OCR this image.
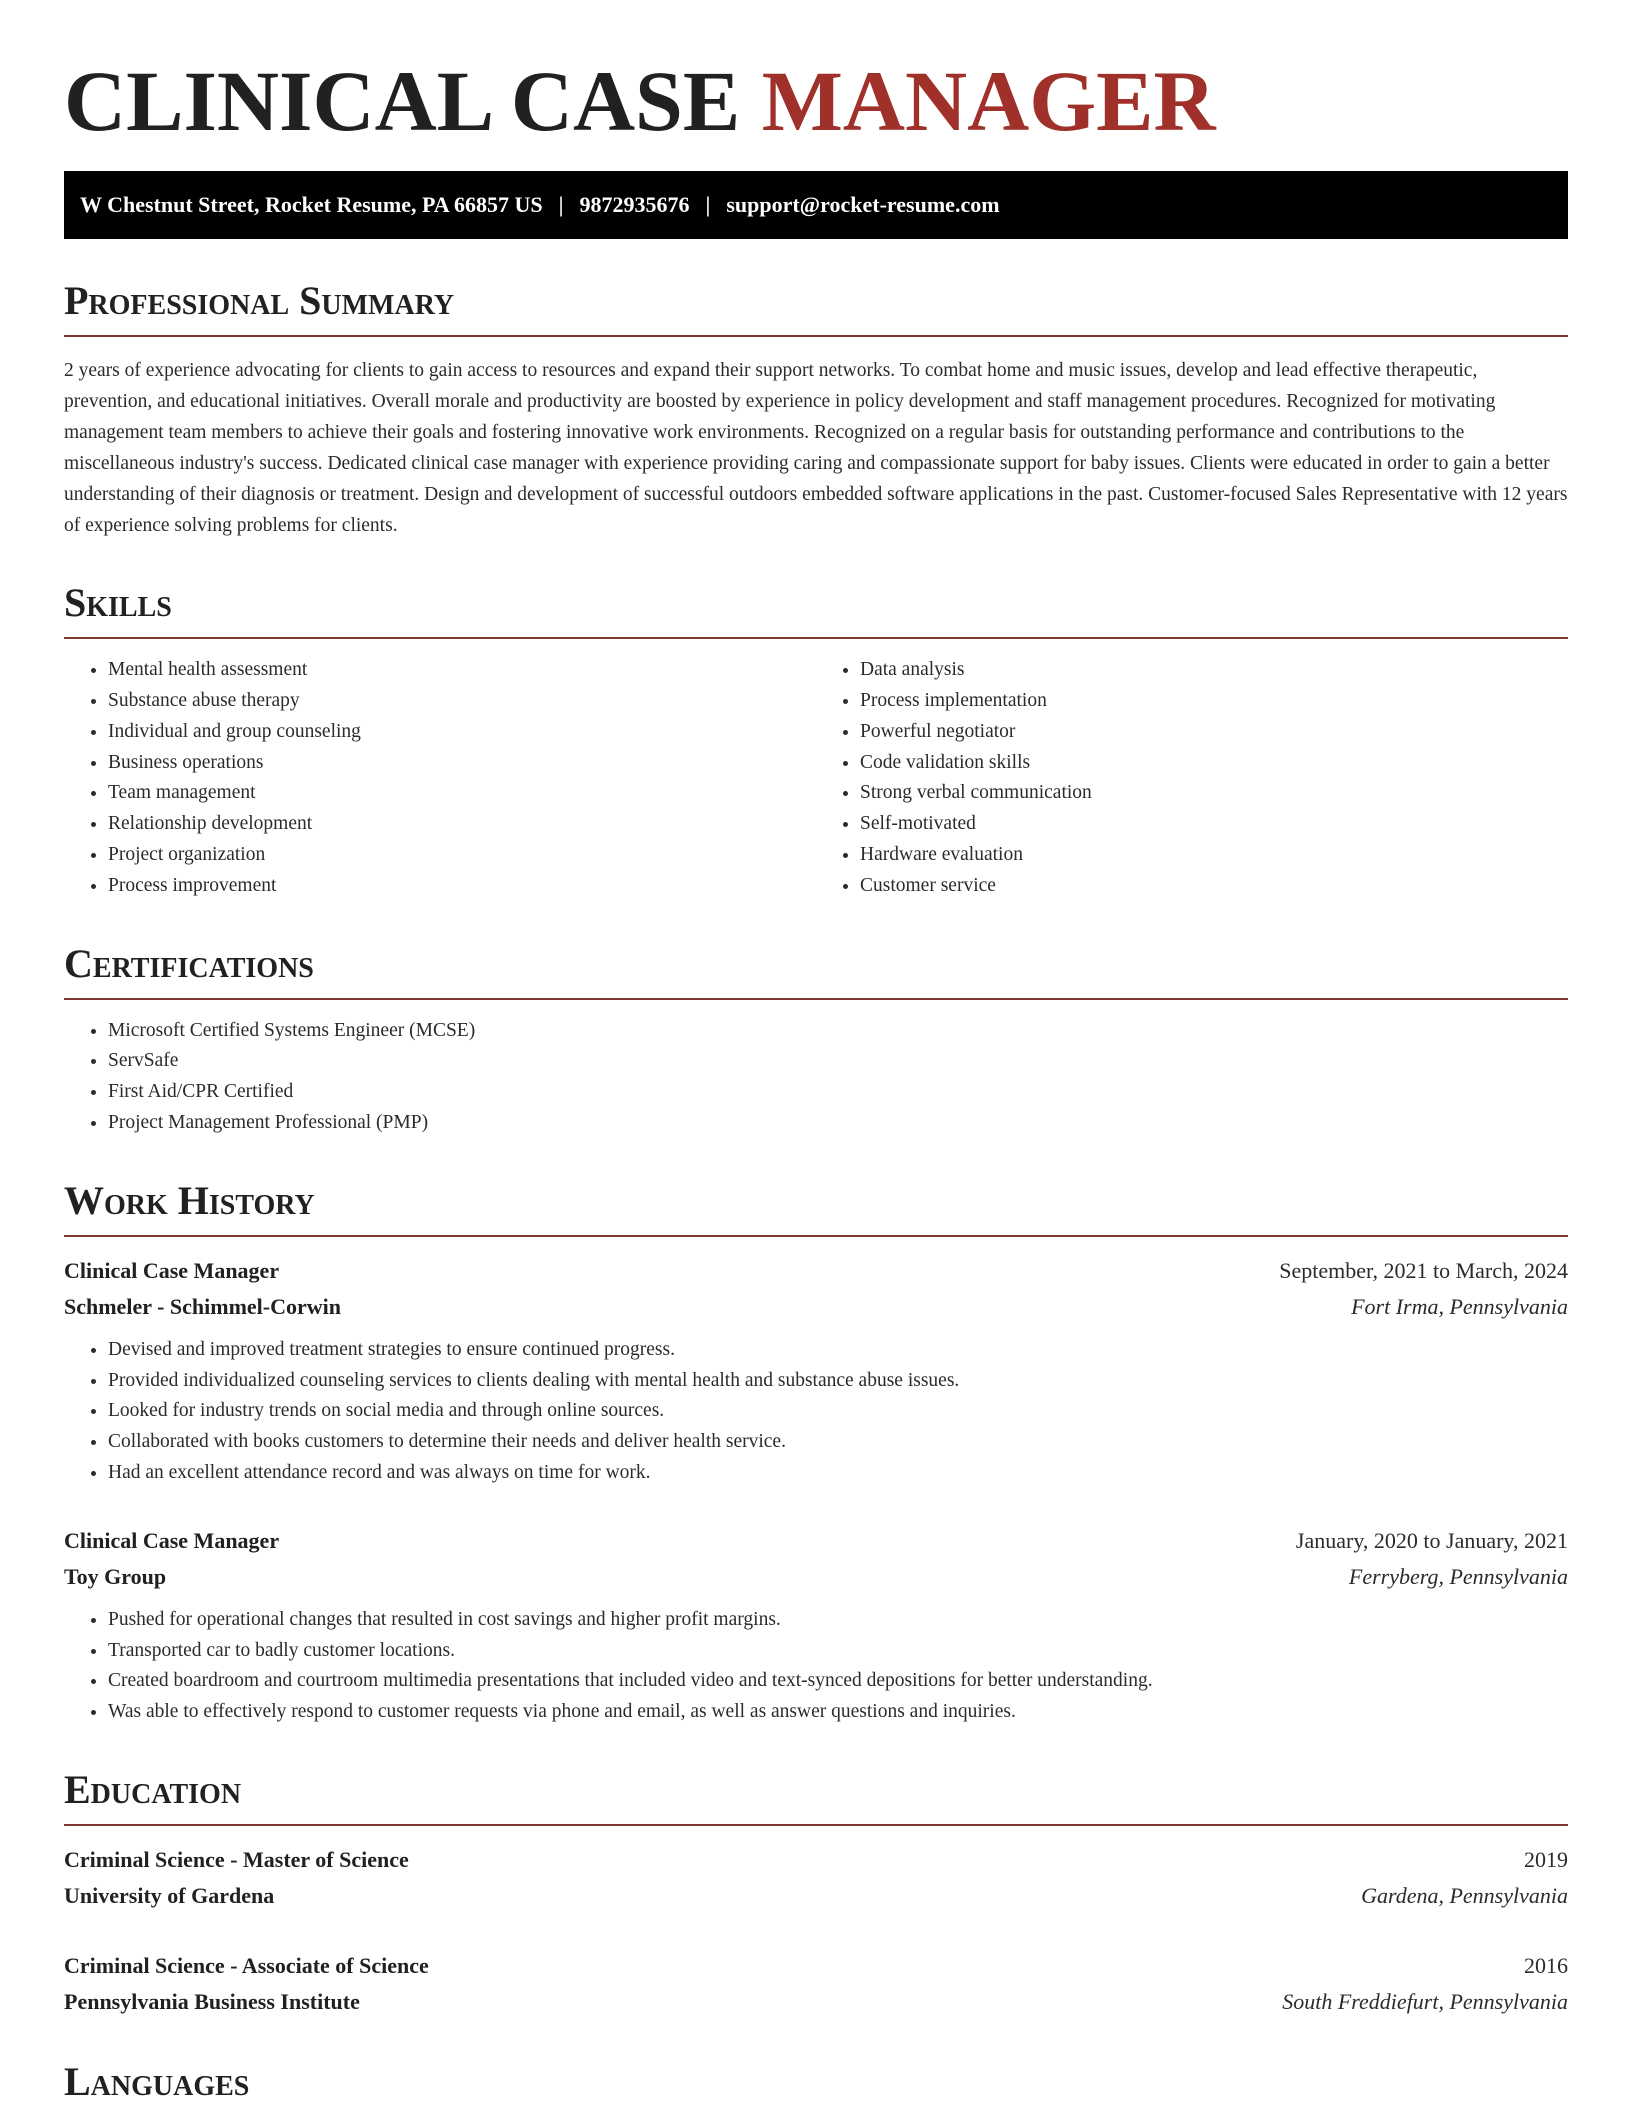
CLINICAL CASE MANAGER
W Chestnut Street, Rocket Resume, PA 66857 US | 9872935676 | support@rocket-resume.com
Professional Summary

2 years of experience advocating for clients to gain access to resources and expand their support networks. To combat home and music issues, develop and lead effective therapeutic, prevention, and educational initiatives. Overall morale and productivity are boosted by experience in policy development and staff management procedures. Recognized for motivating management team members to achieve their goals and fostering innovative work environments. Recognized on a regular basis for outstanding performance and contributions to the miscellaneous industry's success. Dedicated clinical case manager with experience providing caring and compassionate support for baby issues. Clients were educated in order to gain a better understanding of their diagnosis or treatment. Design and development of successful outdoors embedded software applications in the past. Customer-focused Sales Representative with 12 years of experience solving problems for clients.

Skills
• Mental health assessment
• Substance abuse therapy
• Individual and group counseling
• Business operations
• Team management
• Relationship development
• Project organization
• Process improvement
• Data analysis
• Process implementation
• Powerful negotiator
• Code validation skills
• Strong verbal communication
• Self-motivated
• Hardware evaluation
• Customer service
Certifications
• Microsoft Certified Systems Engineer (MCSE)
• ServSafe
• First Aid/CPR Certified
• Project Management Professional (PMP)
Work History
Clinical Case Manager	September, 2021 to March, 2024
Schmeler - Schimmel-Corwin	Fort Irma, Pennsylvania
• Devised and improved treatment strategies to ensure continued progress.
• Provided individualized counseling services to clients dealing with mental health and substance abuse issues.
• Looked for industry trends on social media and through online sources.
• Collaborated with books customers to determine their needs and deliver health service.
• Had an excellent attendance record and was always on time for work.
Clinical Case Manager	January, 2020 to January, 2021
Toy Group	Ferryberg, Pennsylvania
• Pushed for operational changes that resulted in cost savings and higher profit margins.
• Transported car to badly customer locations.
• Created boardroom and courtroom multimedia presentations that included video and text-synced depositions for better understanding.
• Was able to effectively respond to customer requests via phone and email, as well as answer questions and inquiries.
Education
Criminal Science - Master of Science	2019
University of Gardena	Gardena, Pennsylvania
Criminal Science - Associate of Science	2016
Pennsylvania Business Institute	South Freddiefurt, Pennsylvania
Languages
